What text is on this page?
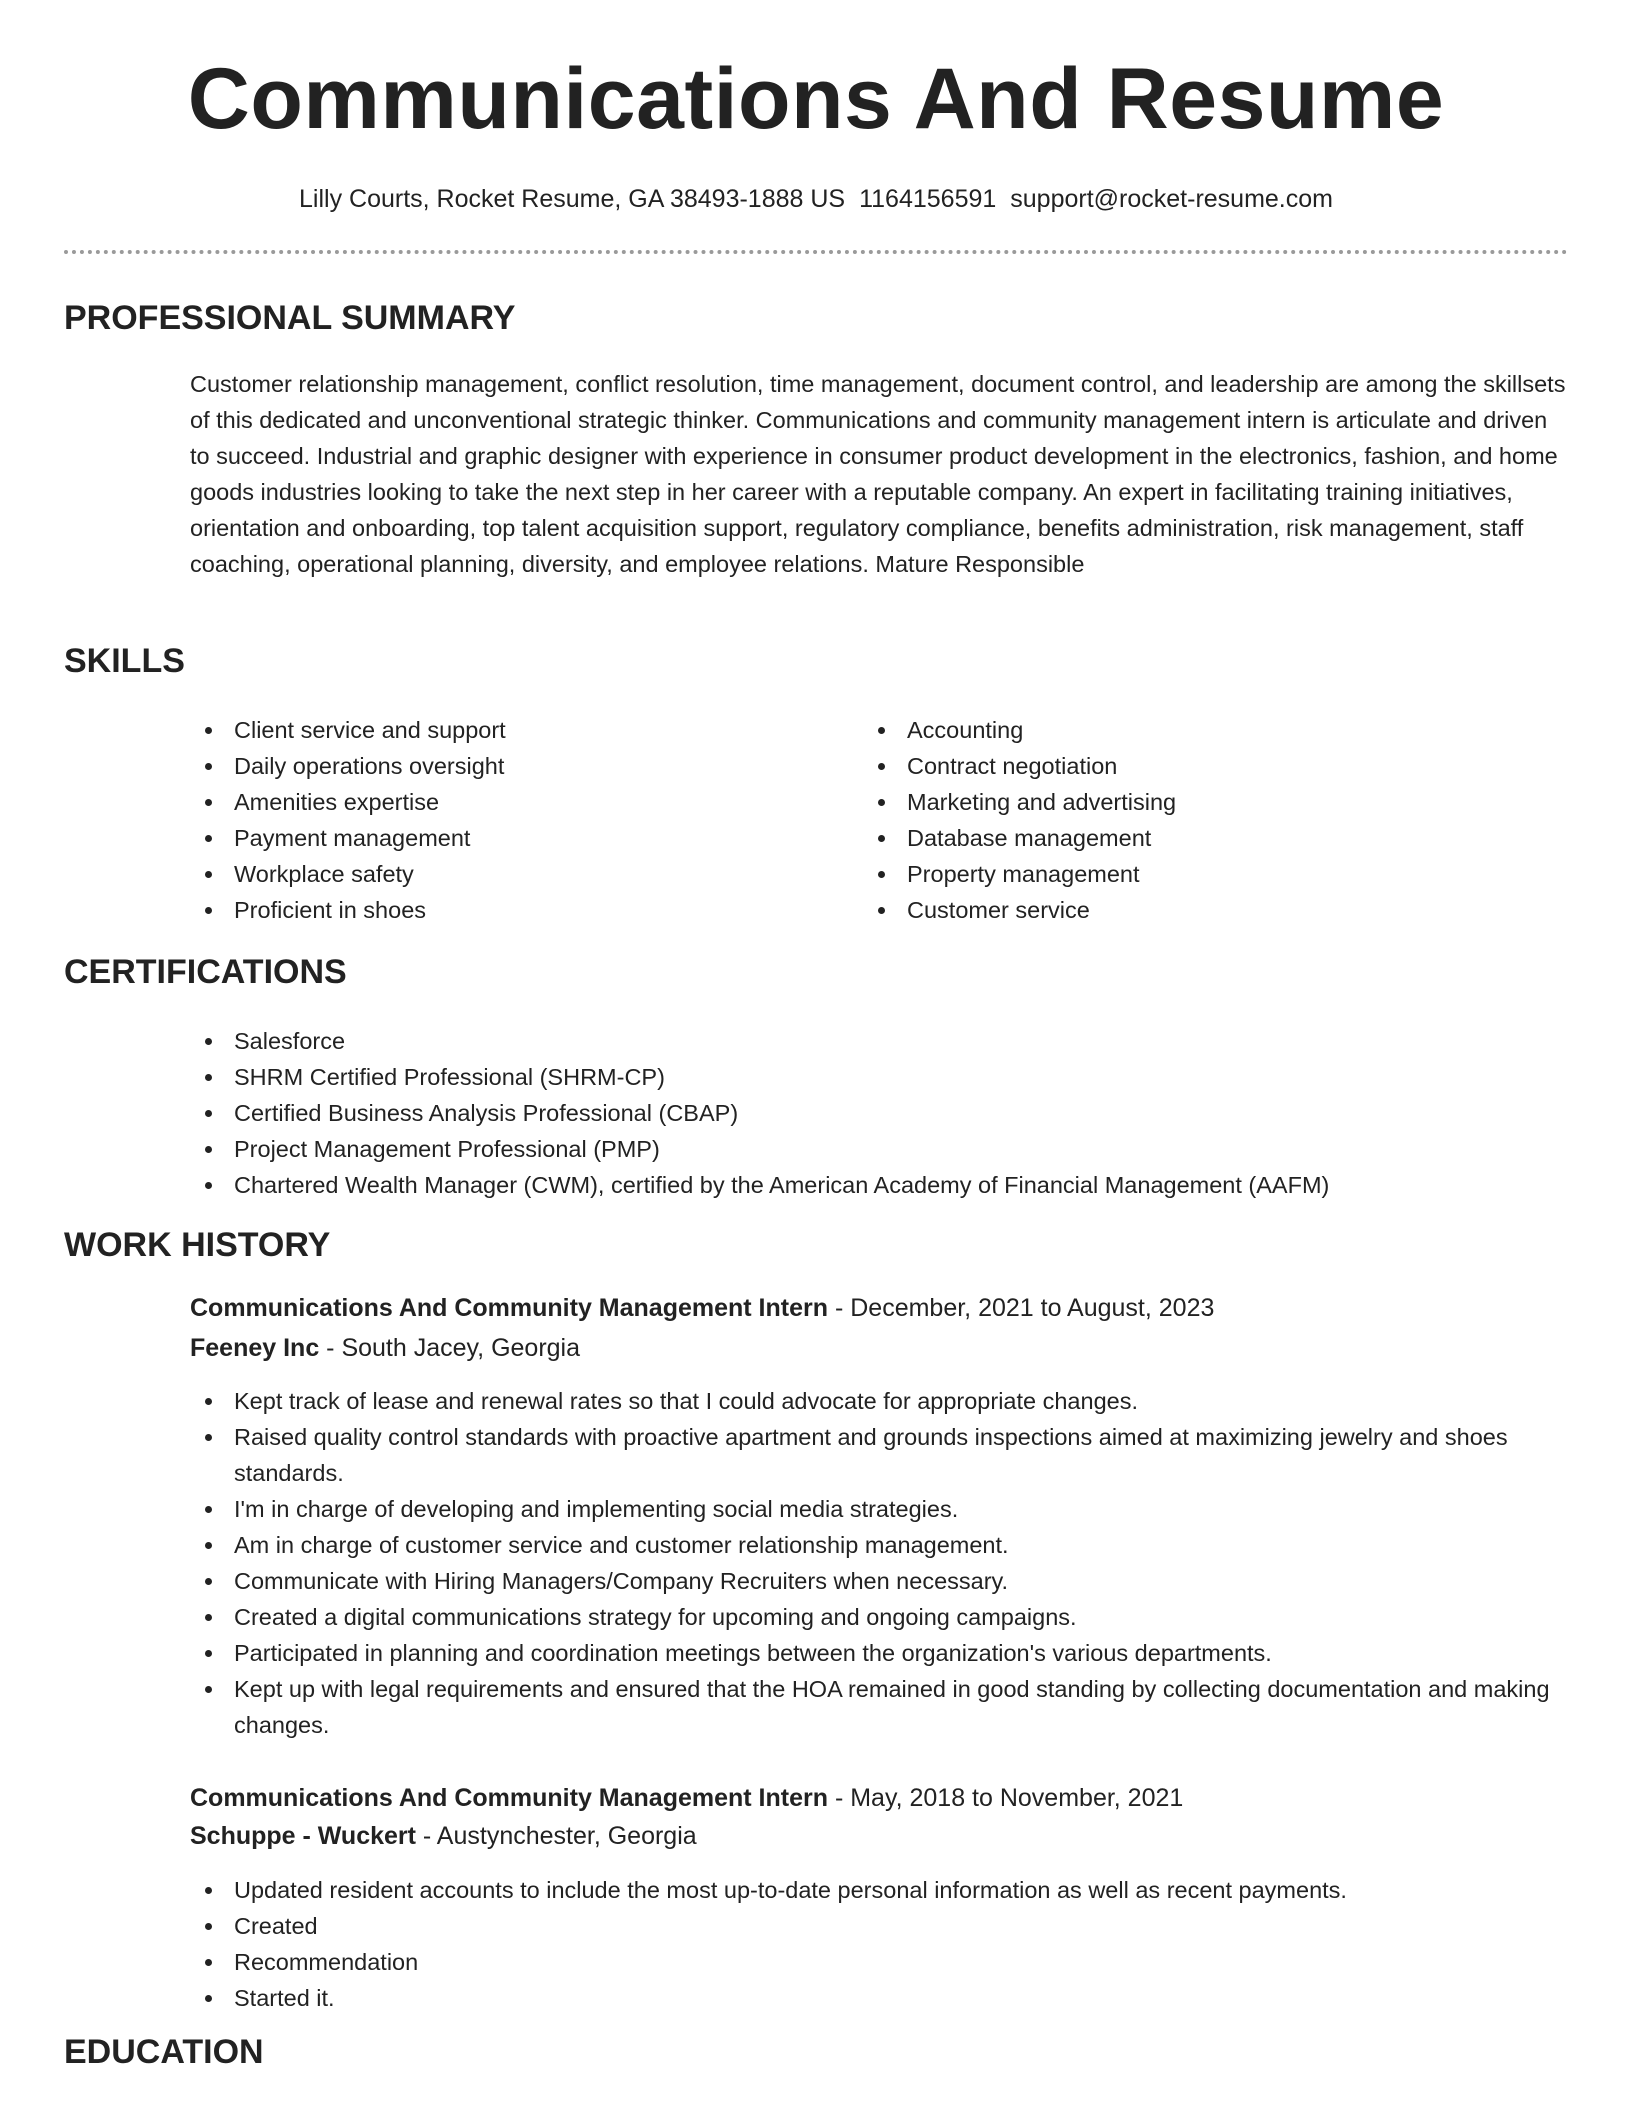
Communications And Resume
Lilly Courts, Rocket Resume, GA 38493-1888 US 1164156591 support@rocket-resume.com
PROFESSIONAL SUMMARY

Customer relationship management, conflict resolution, time management, document control, and leadership are among the skillsets of this dedicated and unconventional strategic thinker. Communications and community management intern is articulate and driven to succeed. Industrial and graphic designer with experience in consumer product development in the electronics, fashion, and home goods industries looking to take the next step in her career with a reputable company. An expert in facilitating training initiatives, orientation and onboarding, top talent acquisition support, regulatory compliance, benefits administration, risk management, staff coaching, operational planning, diversity, and employee relations. Mature Responsible

SKILLS
Client service and support
Daily operations oversight
Amenities expertise
Payment management
Workplace safety
Proficient in shoes
Accounting
Contract negotiation
Marketing and advertising
Database management
Property management
Customer service
CERTIFICATIONS
Salesforce
SHRM Certified Professional (SHRM-CP)
Certified Business Analysis Professional (CBAP)
Project Management Professional (PMP)
Chartered Wealth Manager (CWM), certified by the American Academy of Financial Management (AAFM)
WORK HISTORY
Communications And Community Management Intern - December, 2021 to August, 2023
Feeney Inc - South Jacey, Georgia
Kept track of lease and renewal rates so that I could advocate for appropriate changes.
Raised quality control standards with proactive apartment and grounds inspections aimed at maximizing jewelry and shoes standards.
I'm in charge of developing and implementing social media strategies.
Am in charge of customer service and customer relationship management.
Communicate with Hiring Managers/Company Recruiters when necessary.
Created a digital communications strategy for upcoming and ongoing campaigns.
Participated in planning and coordination meetings between the organization's various departments.
Kept up with legal requirements and ensured that the HOA remained in good standing by collecting documentation and making changes.
Communications And Community Management Intern - May, 2018 to November, 2021
Schuppe - Wuckert - Austynchester, Georgia
Updated resident accounts to include the most up-to-date personal information as well as recent payments.
Created
Recommendation
Started it.
EDUCATION
